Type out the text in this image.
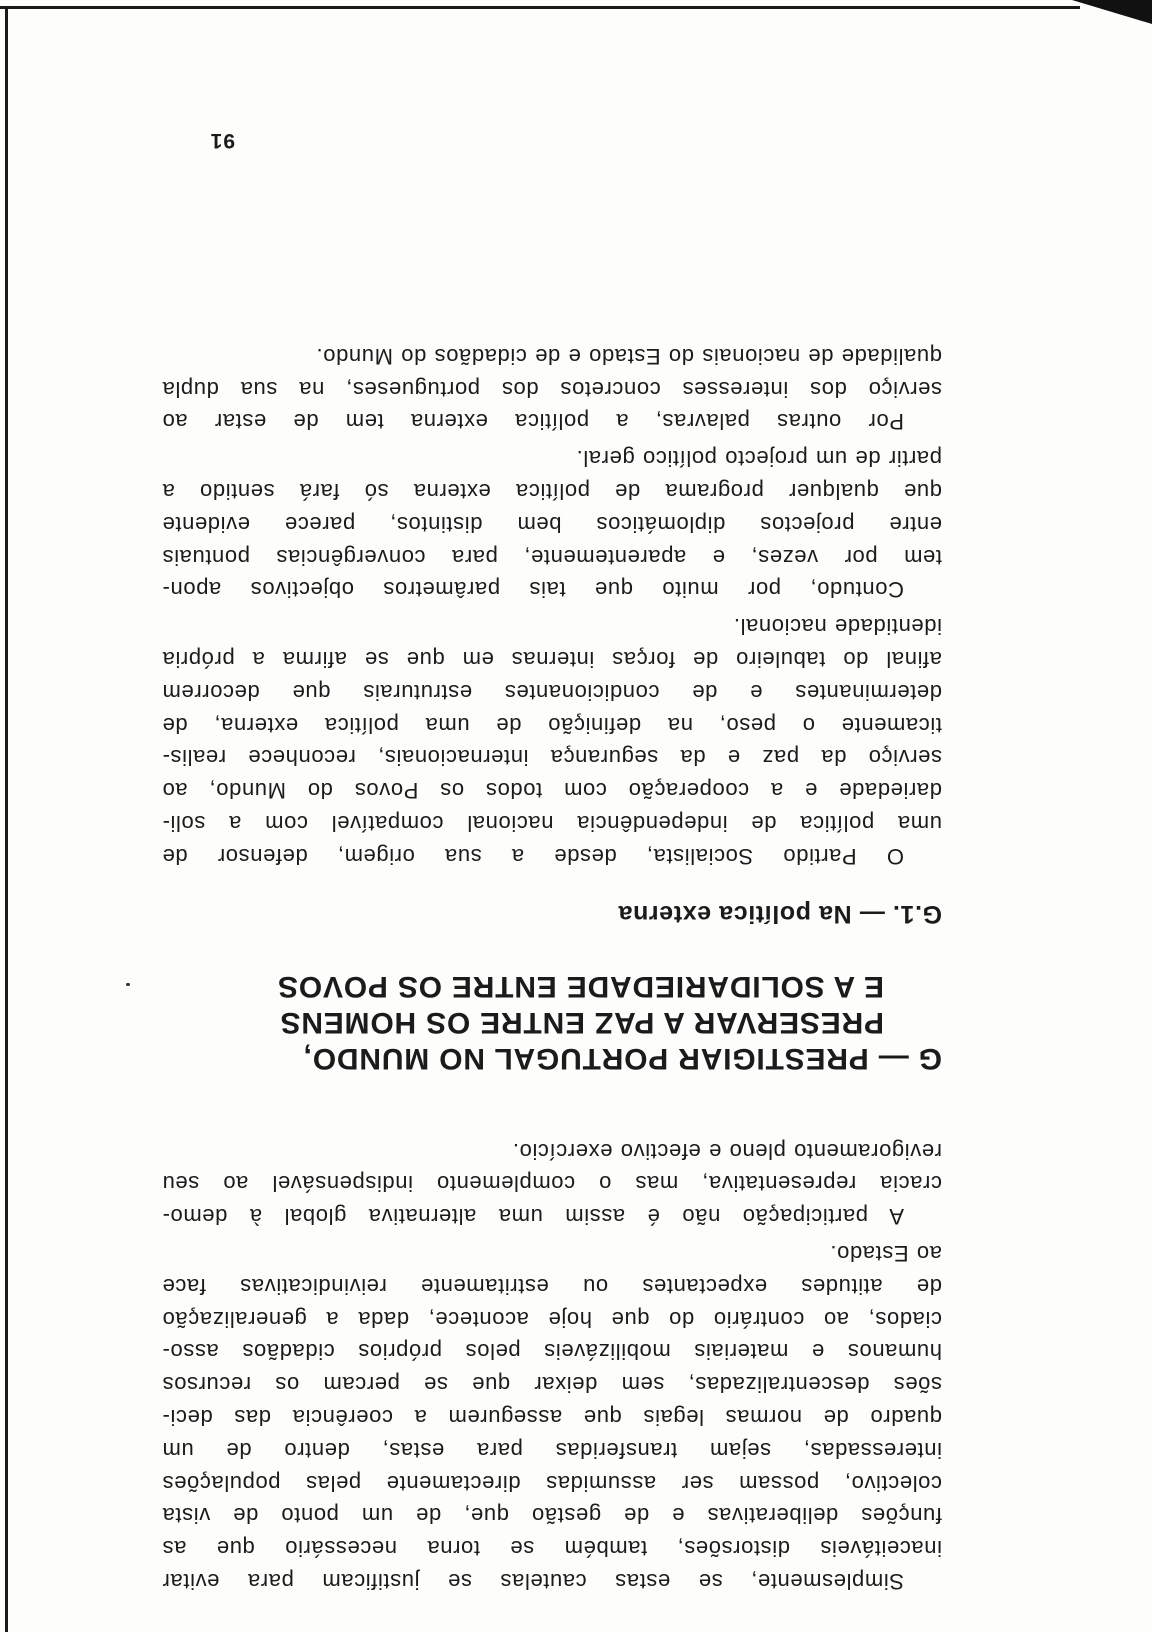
Simplesmente, se estas cautelas se justificam para evitar
inaceitáveis distorsões, também se torna necessário que as
funções deliberativas e de gestão que, de um ponto de vista
colectivo, possam ser assumidas directamente pelas populações
interessadas, sejam transferidas para estas, dentro de um
quadro de normas legais que assegurem a coerência das deci-
sões descentralizadas, sem deixar que se percam os recursos
humanos e materiais mobilizáveis pelos próprios cidadãos asso-
ciados, ao contrário do que hoje acontece, dada a generalização
de atitudes expectantes ou estritamente reivindicativas face
ao Estado.

A participação não é assim uma alternativa global à demo-
cracia representativa, mas o complemento indispensável ao seu
revigoramento pleno e efectivo exercício.

G — PRESTIGIAR PORTUGAL NO MUNDO,
PRESERVAR A PAZ ENTRE OS HOMENS
E A SOLIDARIEDADE ENTRE OS POVOS
G.1. — Na política externa

O Partido Socialista, desde a sua origem, defensor de
uma política de independência nacional compatível com a soli-
dariedade e a cooperação com todos os Povos do Mundo, ao
serviço da paz e da segurança internacionais, reconhece realis-
ticamente o peso, na definição de uma política externa, de
determinantes e de condicionantes estruturais que decorrem
afinal do tabuleiro de forças internas em que se afirma a própria
identidade nacional.

Contudo, por muito que tais parâmetros objectivos apon-
tem por vezes, e aparentemente, para convergências pontuais
entre projectos diplomáticos bem distintos, parece evidente
que qualquer programa de política externa só fará sentido a
partir de um projecto político geral.

Por outras palavras, a política externa tem de estar ao
serviço dos interesses concretos dos portugueses, na sua dupla
qualidade de nacionais do Estado e de cidadãos do Mundo.

91
